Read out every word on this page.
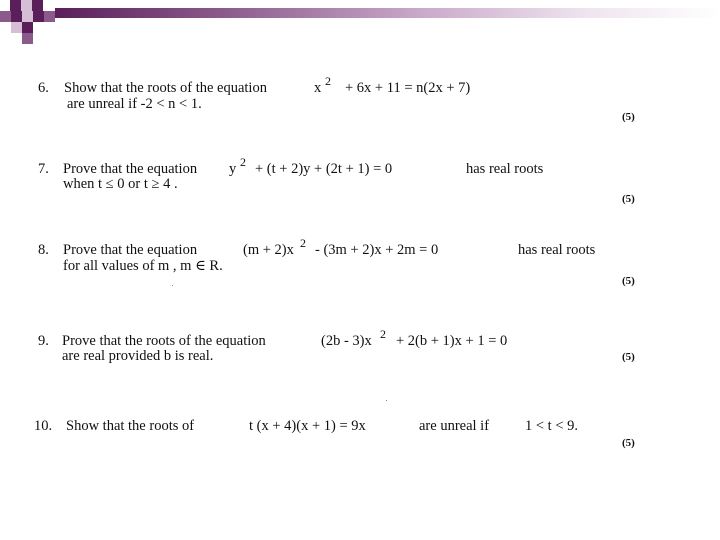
6. Show that the roots of the equation	x 2 + 6x + 11 = n(2x + 7)
are unreal if -2 < n < 1.
(5)
7. Prove that the equation y 2 + (t + 2)y + (2t + 1) = 0	has real roots
when t ≤ 0 or t ≥ 4 .
(5)
8. Prove that the equation	(m + 2)x 2 - (3m + 2)x + 2m = 0	has real roots
for all values of m , m ∈ R.
(5)
9. Prove that the roots of the equation	(2b - 3)x 2 + 2(b + 1)x + 1 = 0
are real provided b is real.	(5)
10. Show that the roots of	t (x + 4)(x + 1) = 9x	are unreal if 1 < t < 9.
(5)
